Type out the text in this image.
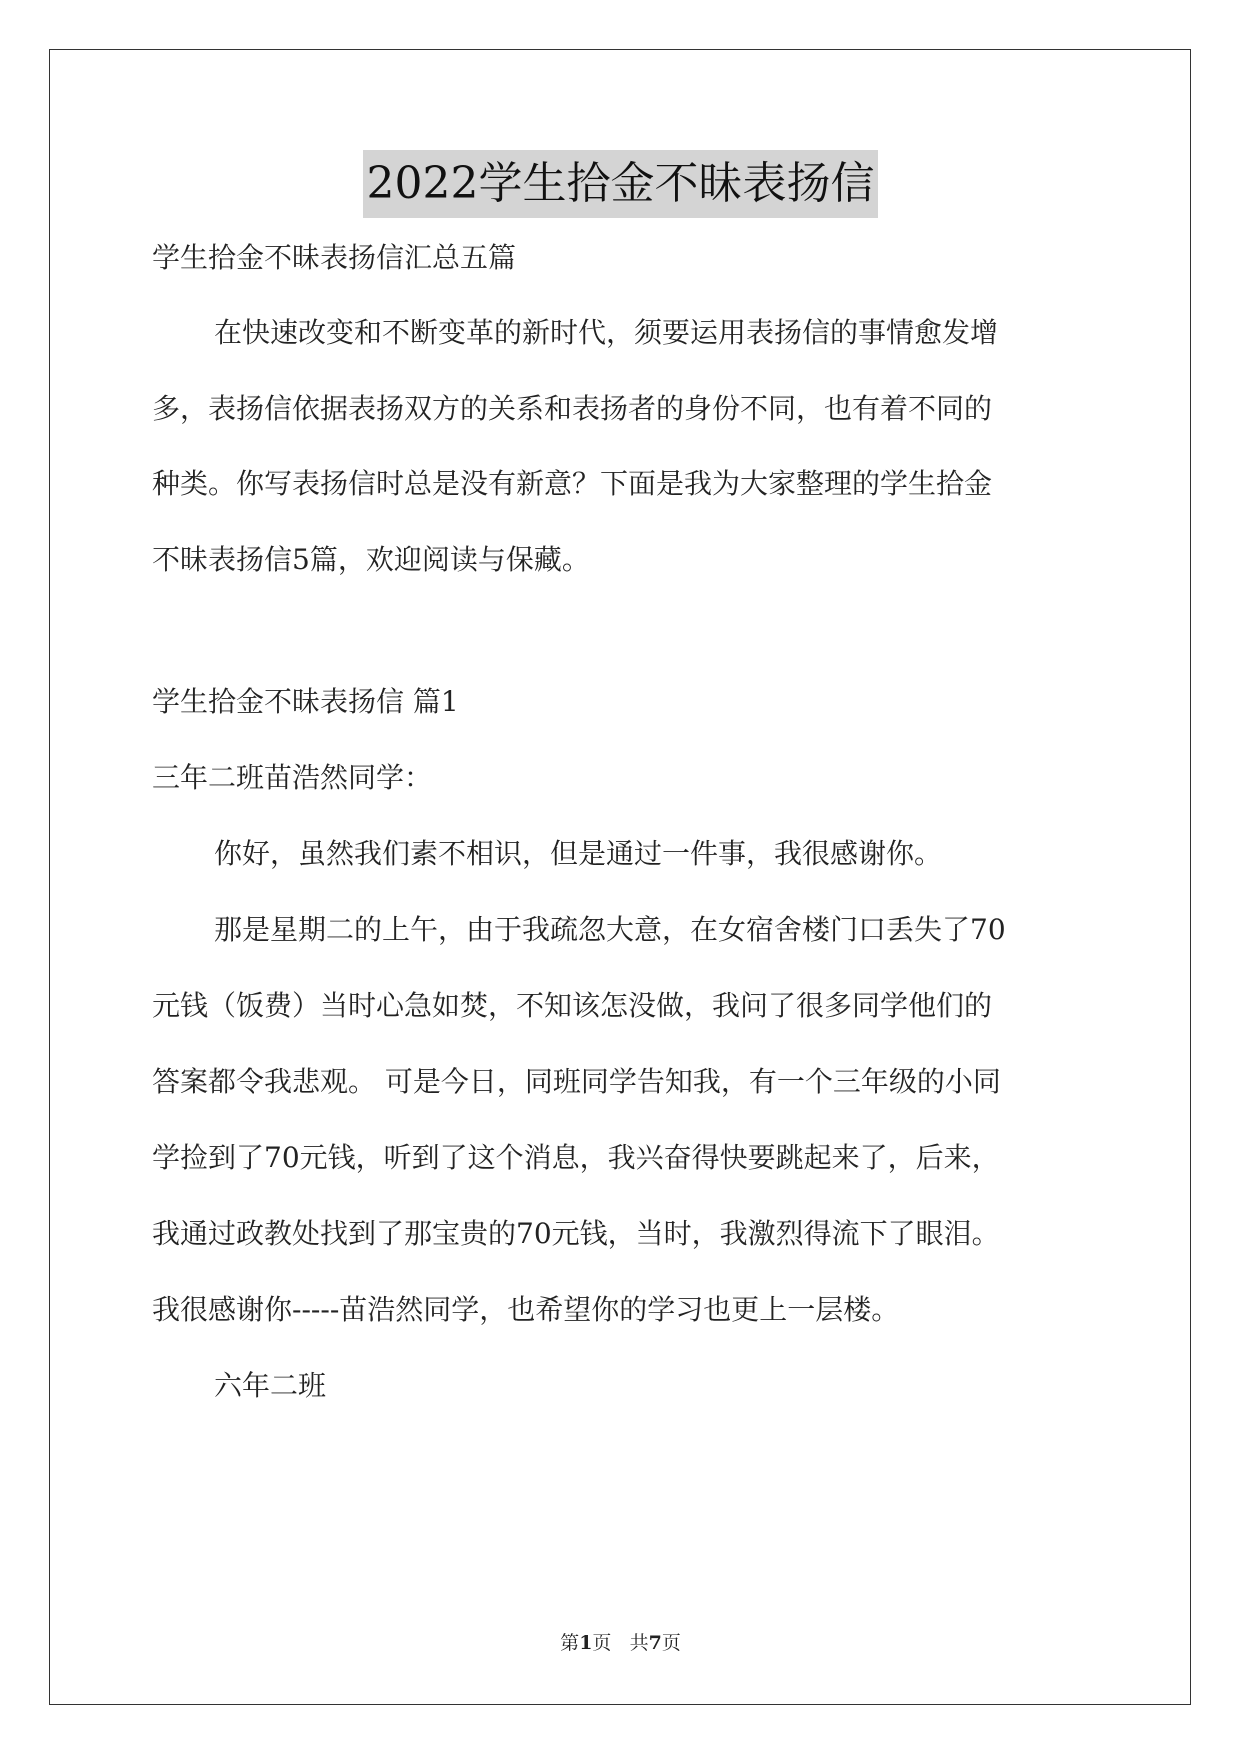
2022学生拾金不昧表扬信
学生拾金不昧表扬信汇总五篇
在快速改变和不断变革的新时代，须要运用表扬信的事情愈发增
多，表扬信依据表扬双方的关系和表扬者的身份不同，也有着不同的
种类。你写表扬信时总是没有新意？下面是我为大家整理的学生拾金
不昧表扬信5篇，欢迎阅读与保藏。
学生拾金不昧表扬信 篇1
三年二班苗浩然同学：
你好，虽然我们素不相识，但是通过一件事，我很感谢你。
那是星期二的上午，由于我疏忽大意，在女宿舍楼门口丢失了70
元钱（饭费）当时心急如焚，不知该怎没做，我问了很多同学他们的
答案都令我悲观。 可是今日，同班同学告知我，有一个三年级的小同
学捡到了70元钱，听到了这个消息，我兴奋得快要跳起来了，后来，
我通过政教处找到了那宝贵的70元钱，当时，我激烈得流下了眼泪。
我很感谢你-----苗浩然同学，也希望你的学习也更上一层楼。
六年二班
第1页 共7页
